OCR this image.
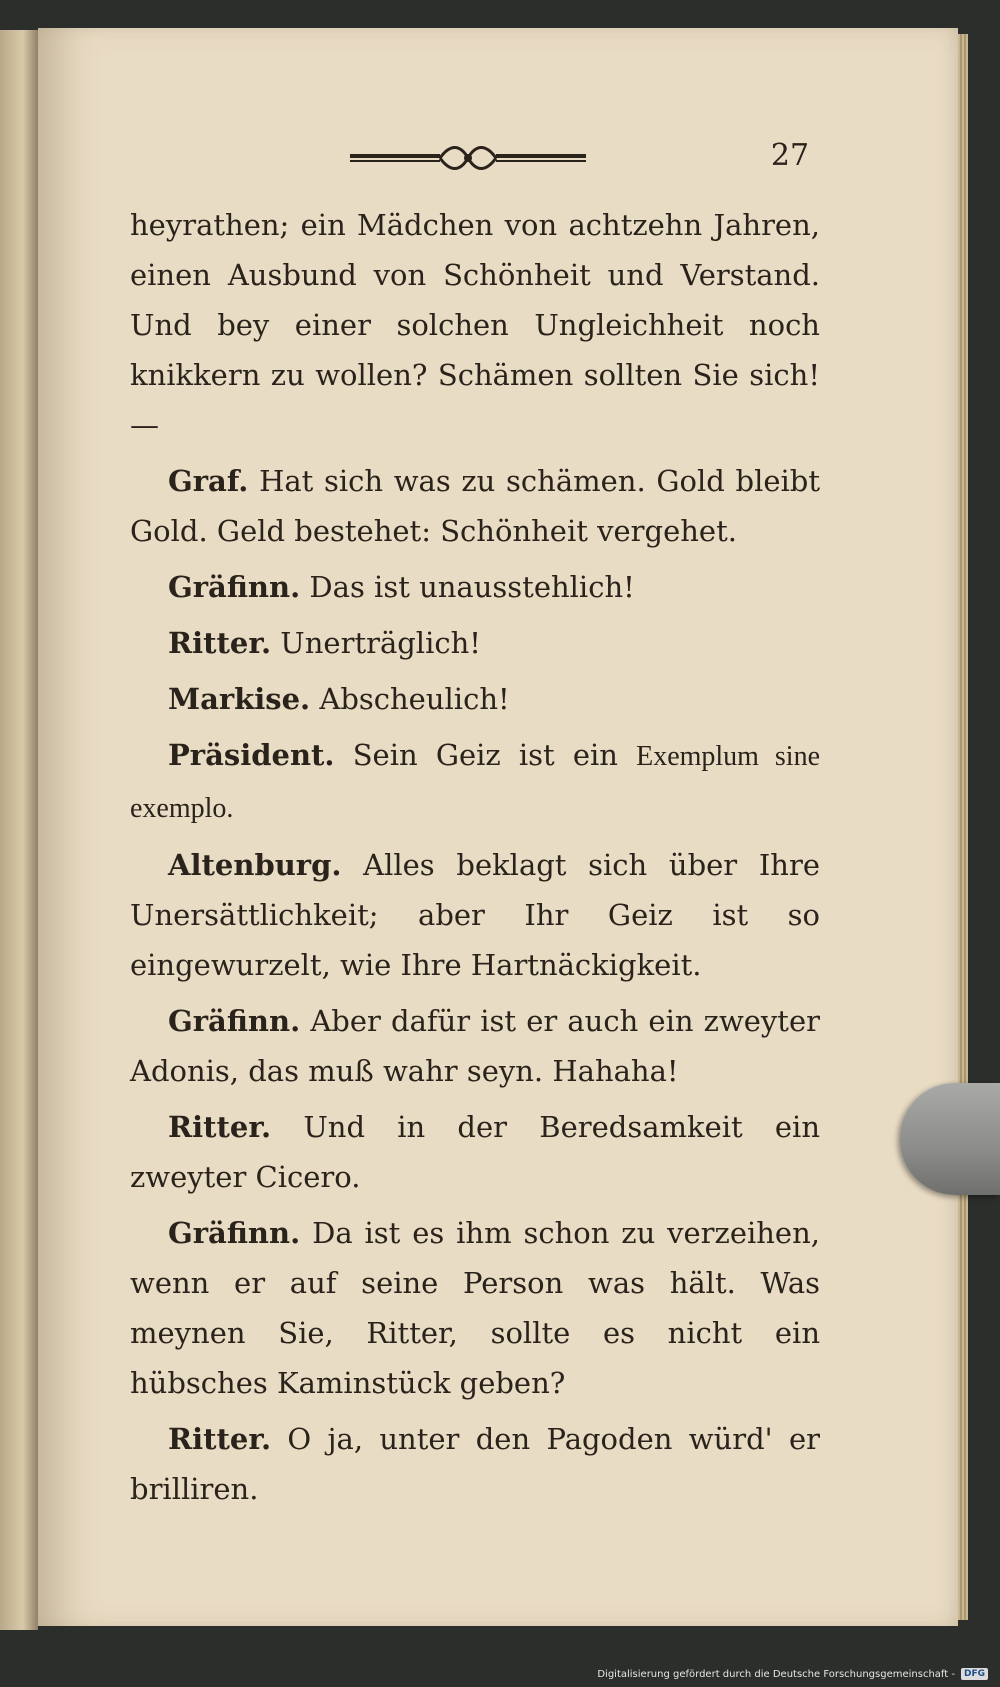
27

heyrathen; ein Mädchen von achtzehn Jahren, einen Ausbund von Schönheit und Verstand. Und bey einer solchen Ungleichheit noch knikkern zu wollen? Schämen sollten Sie sich! —

Graf. Hat sich was zu schämen. Gold bleibt Gold. Geld bestehet: Schönheit vergehet.

Gräfinn. Das ist unausstehlich!

Ritter. Unerträglich!

Markise. Abscheulich!

Präsident. Sein Geiz ist ein Exemplum sine exemplo.

Altenburg. Alles beklagt sich über Ihre Unersättlichkeit; aber Ihr Geiz ist so eingewurzelt, wie Ihre Hartnäckigkeit.

Gräfinn. Aber dafür ist er auch ein zweyter Adonis, das muß wahr seyn. Hahaha!

Ritter. Und in der Beredsamkeit ein zweyter Cicero.

Gräfinn. Da ist es ihm schon zu verzeihen, wenn er auf seine Person was hält. Was meynen Sie, Ritter, sollte es nicht ein hübsches Kaminstück geben?

Ritter. O ja, unter den Pagoden würd' er brilliren.

Digitalisierung gefördert durch die Deutsche Forschungsgemeinschaft -	DFG
